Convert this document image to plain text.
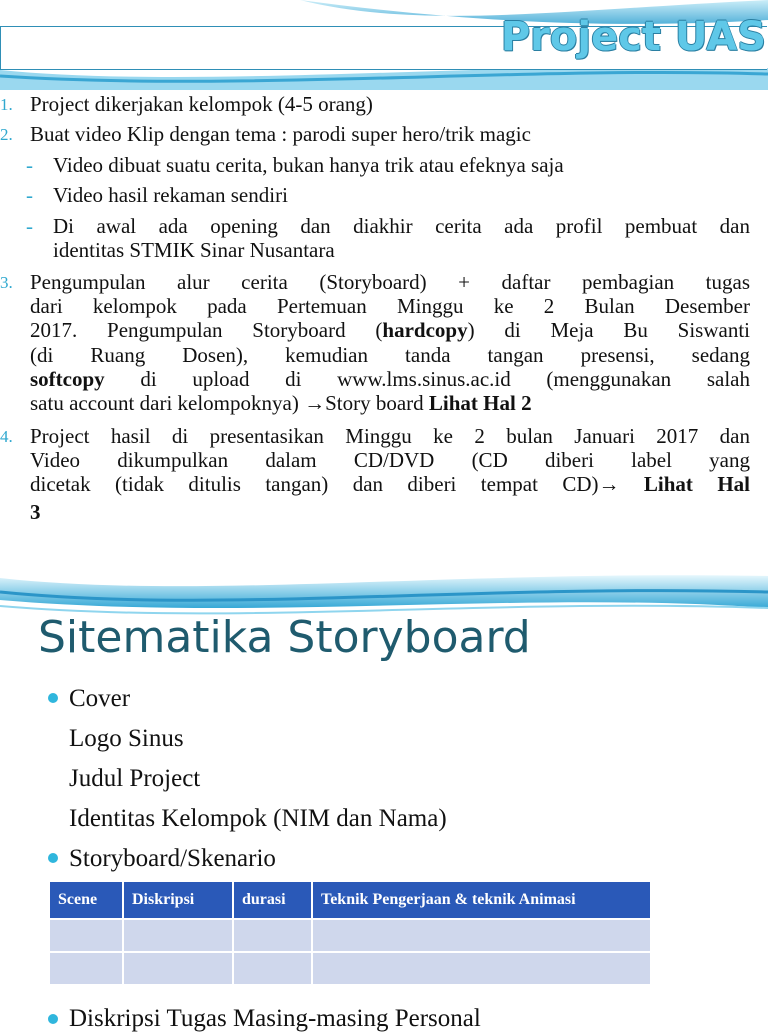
Project UAS
1. Project dikerjakan kelompok (4-5 orang)
2. Buat video Klip dengan tema : parodi super hero/trik magic
- Video dibuat suatu cerita, bukan hanya trik atau efeknya saja
- Video hasil rekaman sendiri
- Di awal ada opening dan diakhir cerita ada profil pembuat dan
identitas STMIK Sinar Nusantara
3. Pengumpulan alur cerita (Storyboard) + daftar pembagian tugas
dari kelompok pada Pertemuan Minggu ke 2 Bulan Desember
2017. Pengumpulan Storyboard (hardcopy) di Meja Bu Siswanti
(di Ruang Dosen), kemudian tanda tangan presensi, sedang
softcopy di upload di www.lms.sinus.ac.id (menggunakan salah
satu account dari kelompoknya) →Story board Lihat Hal 2
4. Project hasil di presentasikan Minggu ke 2 bulan Januari 2017 dan
Video dikumpulkan dalam CD/DVD (CD diberi label yang
dicetak (tidak ditulis tangan) dan diberi tempat CD)→ Lihat Hal
3
Sitematika Storyboard
Cover
Logo Sinus
Judul Project
Identitas Kelompok (NIM dan Nama)
Storyboard/Skenario
Scene	Diskripsi	durasi	Teknik Pengerjaan & teknik Animasi

Diskripsi Tugas Masing-masing Personal
